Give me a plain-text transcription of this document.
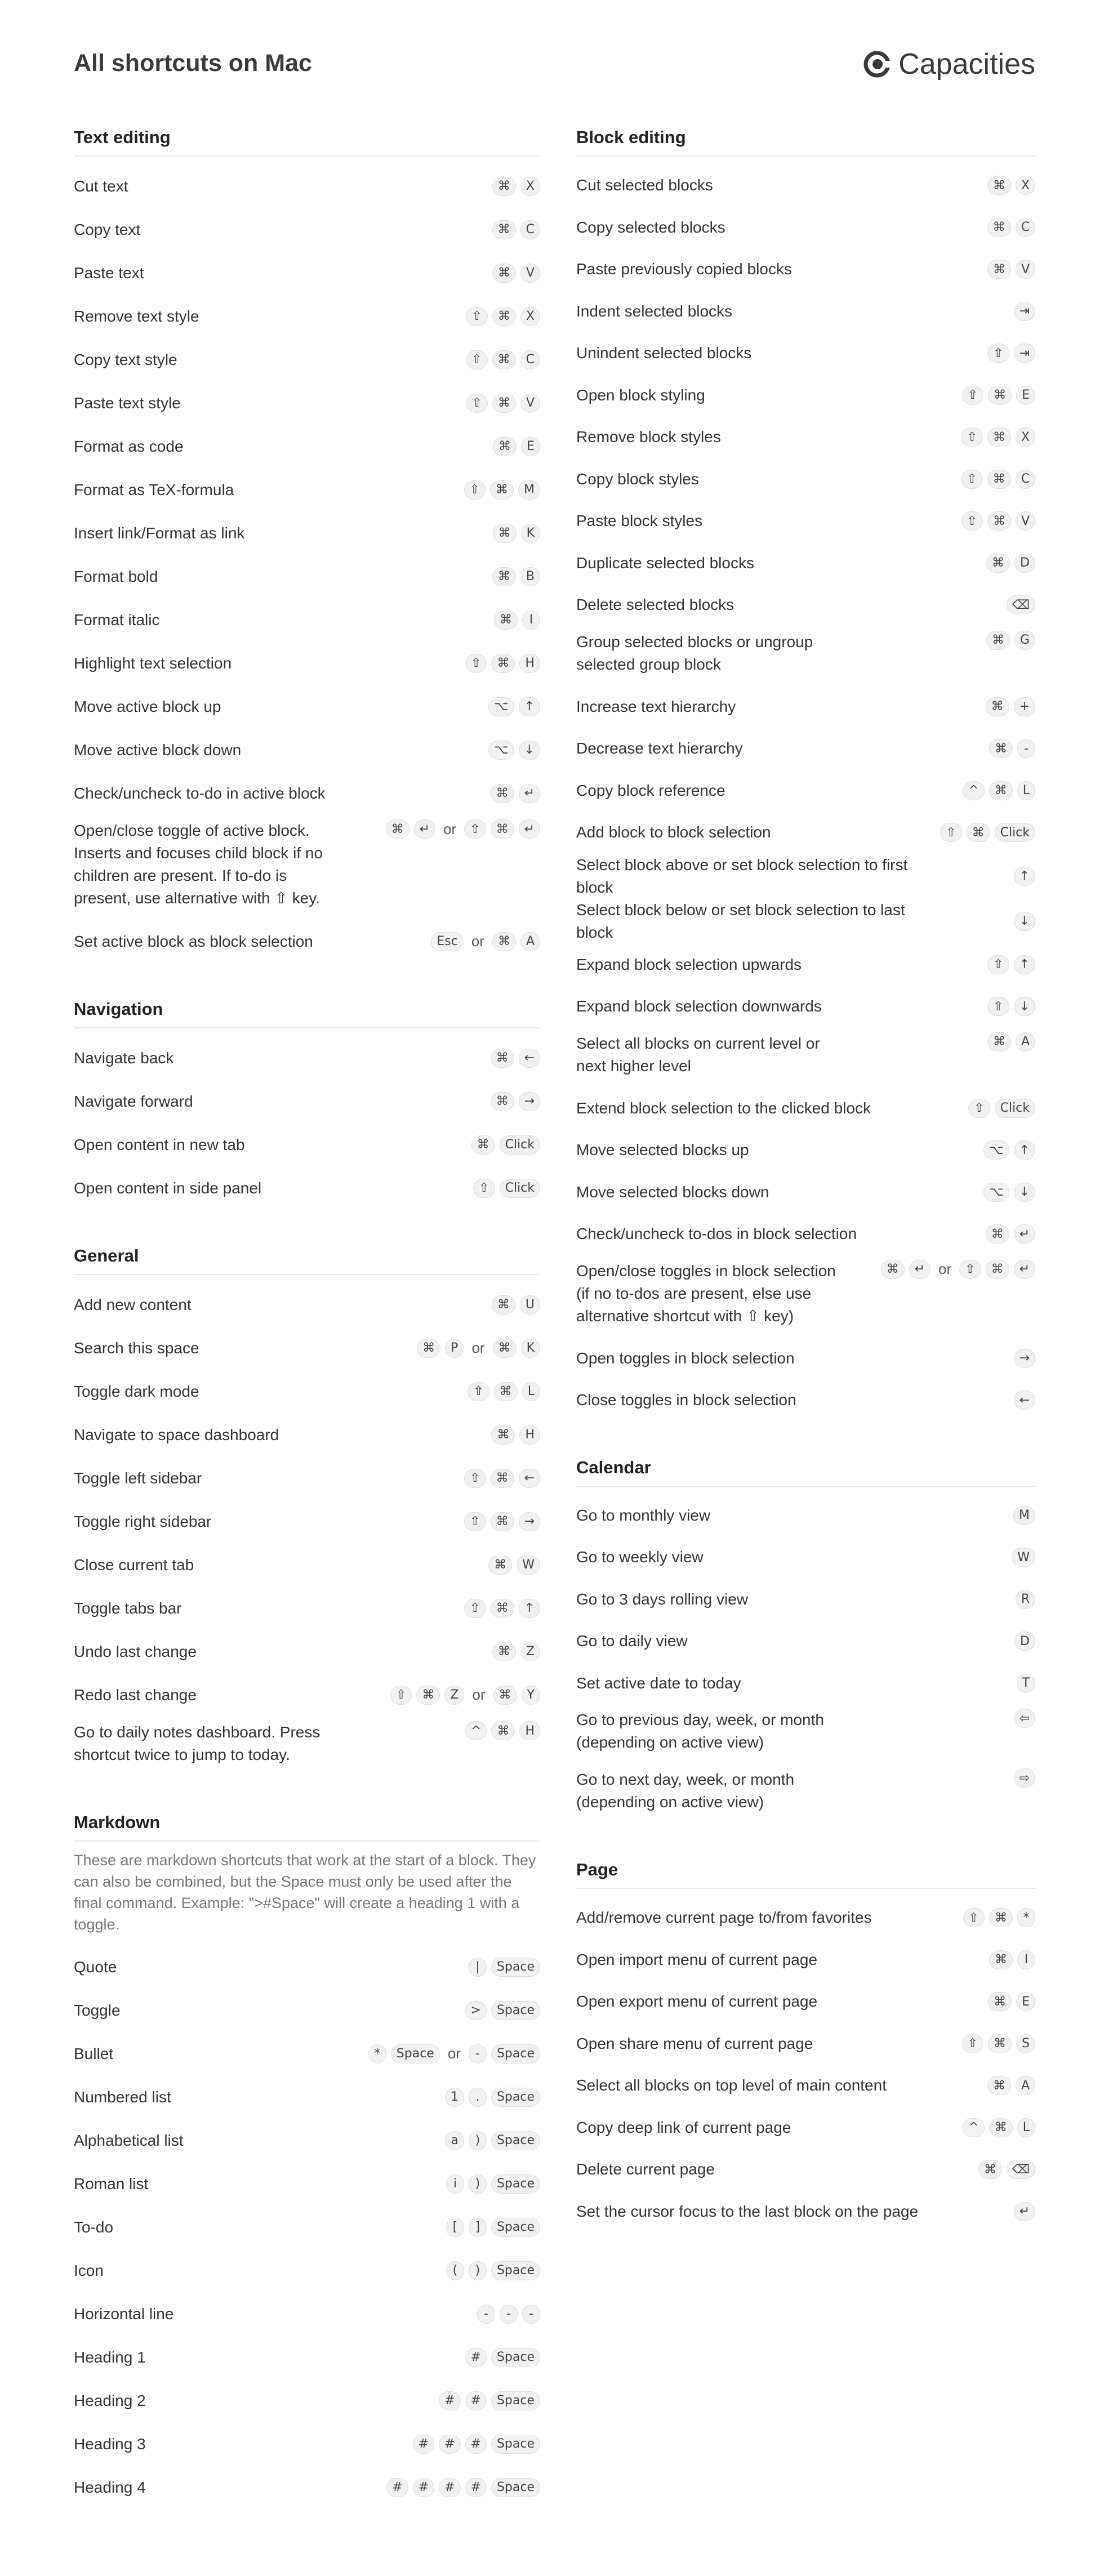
All shortcuts on Mac	Capacities
Text editing
Cut text	⌘	X
Copy text	⌘	C
Paste text	⌘	V
Remove text style	⇧	⌘	X
Copy text style	⇧	⌘	C
Paste text style	⇧	⌘	V
Format as code	⌘	E
Format as TeX-formula	⇧	⌘	M
Insert link/Format as link	⌘	K
Format bold	⌘	B
Format italic	⌘	I
Highlight text selection	⇧	⌘	H
Move active block up	⌥	↑
Move active block down	⌥	↓
Check/uncheck to-do in active block	⌘	↵
Open/close toggle of active block. Inserts and focuses child block if no children are present. If to-do is present, use alternative with ⇧ key.
⌘	↵ or	⇧	⌘	↵
Set active block as block selection	Esc or	⌘	A
Navigation
Navigate back	⌘	←
Navigate forward	⌘	→
Open content in new tab	⌘	Click
Open content in side panel	⇧	Click
General
Add new content	⌘	U
Search this space	⌘	P or	⌘	K
Toggle dark mode	⇧	⌘	L
Navigate to space dashboard	⌘	H
Toggle left sidebar	⇧	⌘	←
Toggle right sidebar	⇧	⌘	→
Close current tab	⌘	W
Toggle tabs bar	⇧	⌘	↑
Undo last change	⌘	Z
Redo last change	⇧	⌘	Z or	⌘	Y
Go to daily notes dashboard. Press shortcut twice to jump to today.
^	⌘	H
Markdown
These are markdown shortcuts that work at the start of a block. They can also be combined, but the Space must only be used after the final command. Example: ">#Space" will create a heading 1 with a toggle.
Quote	|	Space
Toggle	>	Space
Bullet	*	Space or	-	Space
Numbered list	1	.	Space
Alphabetical list	a	)	Space
Roman list	i	)	Space
To-do	[	]	Space
Icon	(	)	Space
Horizontal line	-	-	-
Heading 1	#	Space
Heading 2	#	#	Space
Heading 3	#	#	#	Space
Heading 4	#	#	#	#	Space
Block editing
Cut selected blocks	⌘	X
Copy selected blocks	⌘	C
Paste previously copied blocks	⌘	V
Indent selected blocks	⇥
Unindent selected blocks	⇧	⇥
Open block styling	⇧	⌘	E
Remove block styles	⇧	⌘	X
Copy block styles	⇧	⌘	C
Paste block styles	⇧	⌘	V
Duplicate selected blocks	⌘	D
Delete selected blocks	⌫
Group selected blocks or ungroup selected group block
⌘	G
Increase text hierarchy	⌘	+
Decrease text hierarchy	⌘	-
Copy block reference	^	⌘	L
Add block to block selection	⇧	⌘	Click
Select block above or set block selection to first block
↑
Select block below or set block selection to last block
↓
Expand block selection upwards	⇧	↑
Expand block selection downwards	⇧	↓
Select all blocks on current level or next higher level
⌘	A
Extend block selection to the clicked block	⇧	Click
Move selected blocks up	⌥	↑
Move selected blocks down	⌥	↓
Check/uncheck to-dos in block selection	⌘	↵
Open/close toggles in block selection (if no to-dos are present, else use alternative shortcut with ⇧ key)
⌘	↵ or	⇧	⌘	↵
Open toggles in block selection	→
Close toggles in block selection	←
Calendar
Go to monthly view	M
Go to weekly view	W
Go to 3 days rolling view	R
Go to daily view	D
Set active date to today	T
Go to previous day, week, or month (depending on active view)
⇦
Go to next day, week, or month (depending on active view)
⇨
Page
Add/remove current page to/from favorites	⇧	⌘	*
Open import menu of current page	⌘	I
Open export menu of current page	⌘	E
Open share menu of current page	⇧	⌘	S
Select all blocks on top level of main content	⌘	A
Copy deep link of current page	^	⌘	L
Delete current page	⌘	⌫
Set the cursor focus to the last block on the page	↵
